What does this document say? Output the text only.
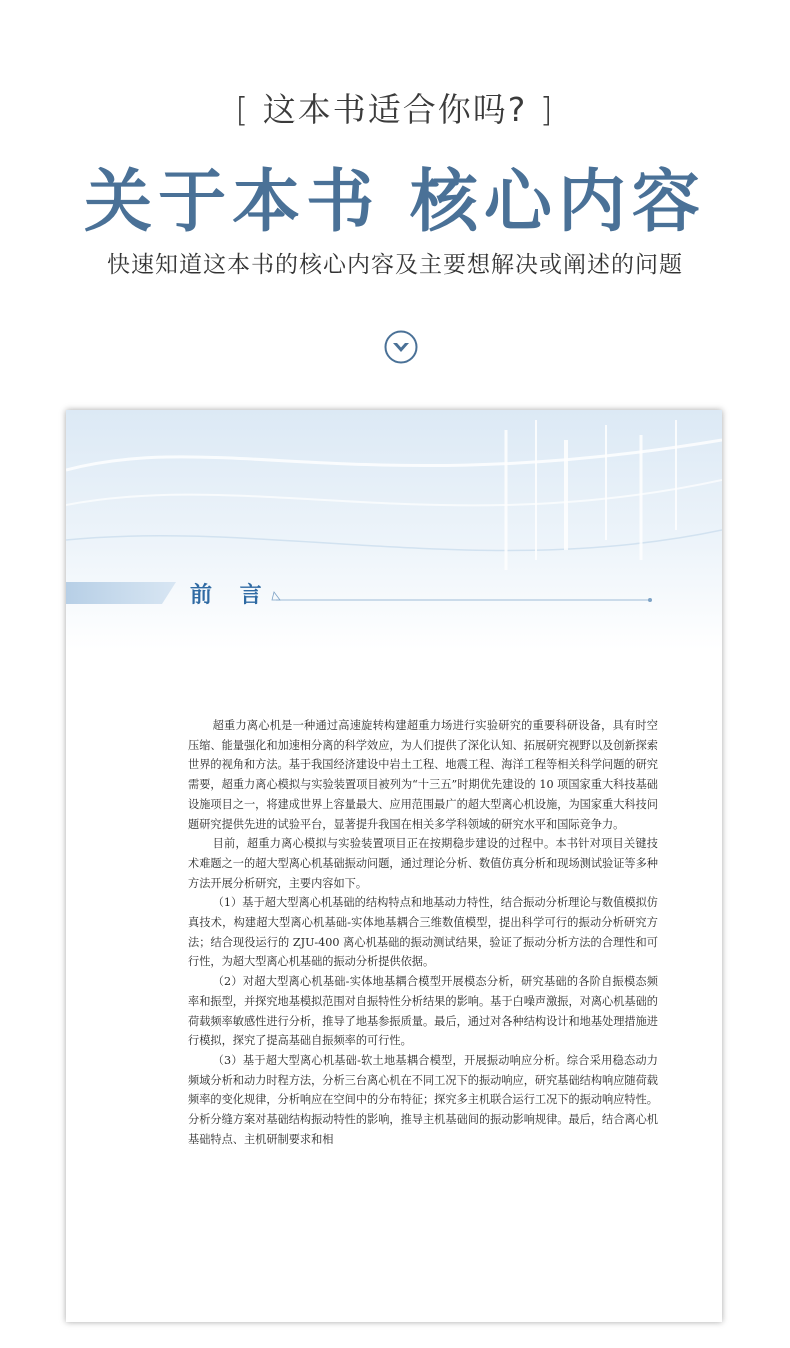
[ 这本书适合你吗? ]
关于本书 核心内容
快速知道这本书的核心内容及主要想解决或阐述的问题
前 言

超重力离心机是一种通过高速旋转构建超重力场进行实验研究的重要科研设备，具有时空压缩、能量强化和加速相分离的科学效应，为人们提供了深化认知、拓展研究视野以及创新探索世界的视角和方法。基于我国经济建设中岩土工程、地震工程、海洋工程等相关科学问题的研究需要，超重力离心模拟与实验装置项目被列为“十三五”时期优先建设的 10 项国家重大科技基础设施项目之一，将建成世界上容量最大、应用范围最广的超大型离心机设施，为国家重大科技问题研究提供先进的试验平台，显著提升我国在相关多学科领域的研究水平和国际竞争力。

目前，超重力离心模拟与实验装置项目正在按期稳步建设的过程中。本书针对项目关键技术难题之一的超大型离心机基础振动问题，通过理论分析、数值仿真分析和现场测试验证等多种方法开展分析研究，主要内容如下。

（1）基于超大型离心机基础的结构特点和地基动力特性，结合振动分析理论与数值模拟仿真技术，构建超大型离心机基础-实体地基耦合三维数值模型，提出科学可行的振动分析研究方法；结合现役运行的 ZJU-400 离心机基础的振动测试结果，验证了振动分析方法的合理性和可行性，为超大型离心机基础的振动分析提供依据。

（2）对超大型离心机基础-实体地基耦合模型开展模态分析，研究基础的各阶自振模态频率和振型，并探究地基模拟范围对自振特性分析结果的影响。基于白噪声激振，对离心机基础的荷载频率敏感性进行分析，推导了地基参振质量。最后，通过对各种结构设计和地基处理措施进行模拟，探究了提高基础自振频率的可行性。

（3）基于超大型离心机基础-软土地基耦合模型，开展振动响应分析。综合采用稳态动力频域分析和动力时程方法，分析三台离心机在不同工况下的振动响应，研究基础结构响应随荷载频率的变化规律，分析响应在空间中的分布特征；探究多主机联合运行工况下的振动响应特性。分析分缝方案对基础结构振动特性的影响，推导主机基础间的振动影响规律。最后，结合离心机基础特点、主机研制要求和相
